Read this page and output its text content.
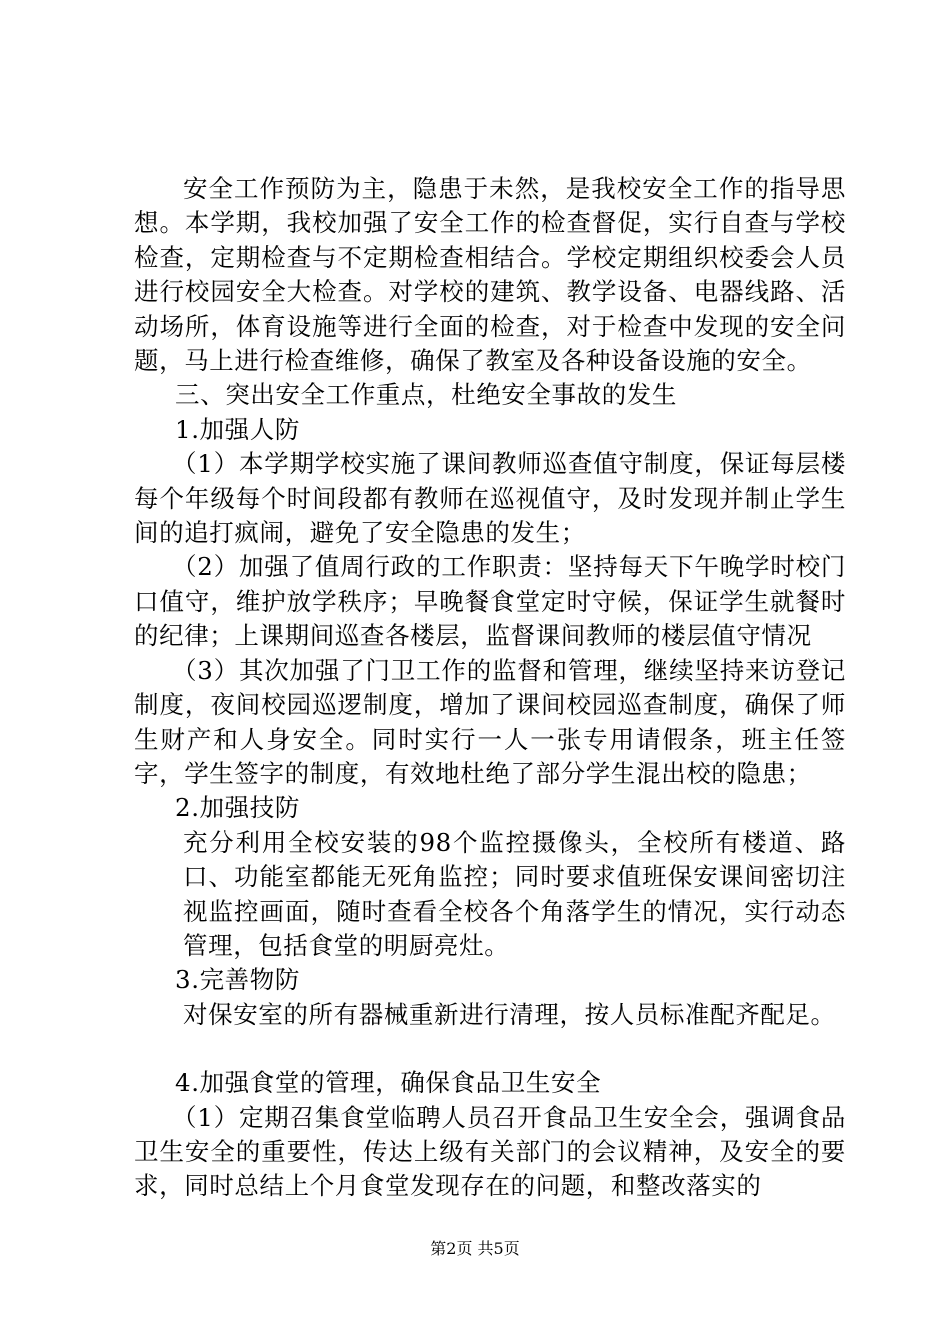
安全工作预防为主，隐患于未然，是我校安全工作的指导思想。本学期，我校加强了安全工作的检查督促，实行自查与学校检查，定期检查与不定期检查相结合。学校定期组织校委会人员进行校园安全大检查。对学校的建筑、教学设备、电器线路、活动场所，体育设施等进行全面的检查，对于检查中发现的安全问题，马上进行检查维修，确保了教室及各种设备设施的安全。

三、突出安全工作重点，杜绝安全事故的发生

1.加强人防

（1）本学期学校实施了课间教师巡查值守制度，保证每层楼每个年级每个时间段都有教师在巡视值守，及时发现并制止学生间的追打疯闹，避免了安全隐患的发生；

（2）加强了值周行政的工作职责：坚持每天下午晚学时校门口值守，维护放学秩序；早晚餐食堂定时守候，保证学生就餐时的纪律；上课期间巡查各楼层，监督课间教师的楼层值守情况

（3）其次加强了门卫工作的监督和管理，继续坚持来访登记制度，夜间校园巡逻制度，增加了课间校园巡查制度，确保了师生财产和人身安全。同时实行一人一张专用请假条，班主任签字，学生签字的制度，有效地杜绝了部分学生混出校的隐患；

2.加强技防

充分利用全校安装的98个监控摄像头，全校所有楼道、路口、功能室都能无死角监控；同时要求值班保安课间密切注视监控画面，随时查看全校各个角落学生的情况，实行动态管理，包括食堂的明厨亮灶。

3.完善物防

对保安室的所有器械重新进行清理，按人员标准配齐配足。

4.加强食堂的管理，确保食品卫生安全

（1）定期召集食堂临聘人员召开食品卫生安全会，强调食品卫生安全的重要性，传达上级有关部门的会议精神，及安全的要求，同时总结上个月食堂发现存在的问题，和整改落实的

第2页 共5页
